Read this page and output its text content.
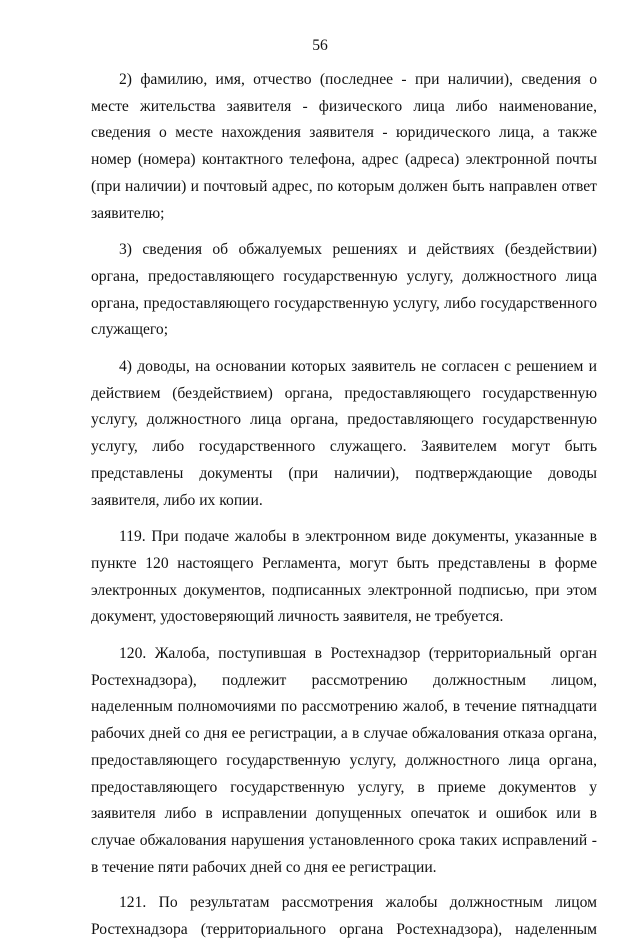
56

2) фамилию, имя, отчество (последнее - при наличии), сведения о месте жительства заявителя - физического лица либо наименование, сведения о месте нахождения заявителя - юридического лица, а также номер (номера) контактного телефона, адрес (адреса) электронной почты (при наличии) и почтовый адрес, по которым должен быть направлен ответ заявителю;

3) сведения об обжалуемых решениях и действиях (бездействии) органа, предоставляющего государственную услугу, должностного лица органа, предоставляющего государственную услугу, либо государственного служащего;

4) доводы, на основании которых заявитель не согласен с решением и действием (бездействием) органа, предоставляющего государственную услугу, должностного лица органа, предоставляющего государственную услугу, либо государственного служащего. Заявителем могут быть представлены документы (при наличии), подтверждающие доводы заявителя, либо их копии.

119. При подаче жалобы в электронном виде документы, указанные в пункте 120 настоящего Регламента, могут быть представлены в форме электронных документов, подписанных электронной подписью, при этом документ, удостоверяющий личность заявителя, не требуется.

120. Жалоба, поступившая в Ростехнадзор (территориальный орган Ростехнадзора), подлежит рассмотрению должностным лицом, наделенным полномочиями по рассмотрению жалоб, в течение пятнадцати рабочих дней со дня ее регистрации, а в случае обжалования отказа органа, предоставляющего государственную услугу, должностного лица органа, предоставляющего государственную услугу, в приеме документов у заявителя либо в исправлении допущенных опечаток и ошибок или в случае обжалования нарушения установленного срока таких исправлений - в течение пяти рабочих дней со дня ее регистрации.

121. По результатам рассмотрения жалобы должностным лицом Ростехнадзора (территориального органа Ростехнадзора), наделенным
